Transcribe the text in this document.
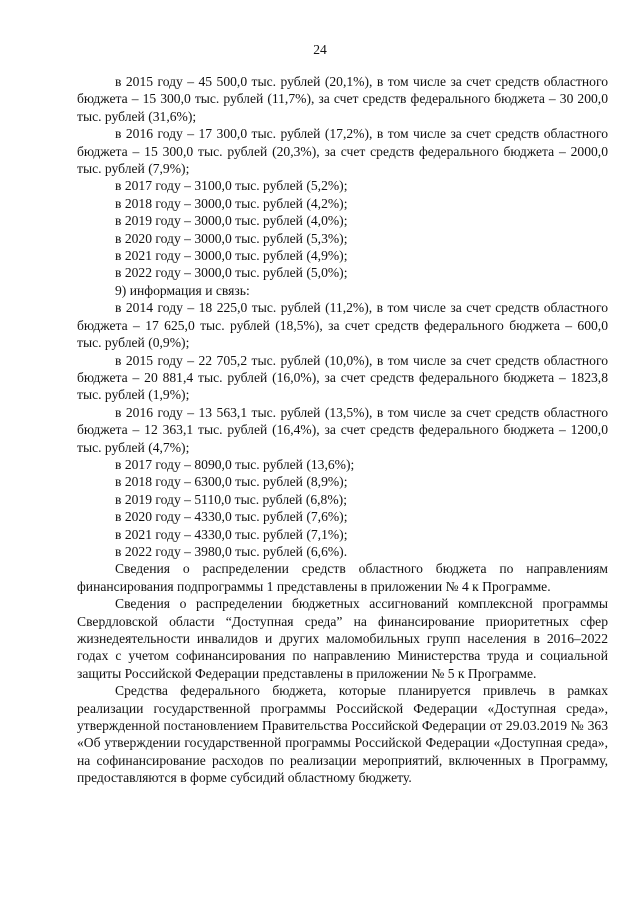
24

в 2015 году – 45 500,0 тыс. рублей (20,1%), в том числе за счет средств областного бюджета – 15 300,0 тыс. рублей (11,7%), за счет средств федерального бюджета – 30 200,0 тыс. рублей (31,6%);

в 2016 году – 17 300,0 тыс. рублей (17,2%), в том числе за счет средств областного бюджета – 15 300,0 тыс. рублей (20,3%), за счет средств федерального бюджета – 2000,0 тыс. рублей (7,9%);

в 2017 году – 3100,0 тыс. рублей (5,2%);

в 2018 году – 3000,0 тыс. рублей (4,2%);

в 2019 году – 3000,0 тыс. рублей (4,0%);

в 2020 году – 3000,0 тыс. рублей (5,3%);

в 2021 году – 3000,0 тыс. рублей (4,9%);

в 2022 году – 3000,0 тыс. рублей (5,0%);

9) информация и связь:

в 2014 году – 18 225,0 тыс. рублей (11,2%), в том числе за счет средств областного бюджета – 17 625,0 тыс. рублей (18,5%), за счет средств федерального бюджета – 600,0 тыс. рублей (0,9%);

в 2015 году – 22 705,2 тыс. рублей (10,0%), в том числе за счет средств областного бюджета – 20 881,4 тыс. рублей (16,0%), за счет средств федерального бюджета – 1823,8 тыс. рублей (1,9%);

в 2016 году – 13 563,1 тыс. рублей (13,5%), в том числе за счет средств областного бюджета – 12 363,1 тыс. рублей (16,4%), за счет средств федерального бюджета – 1200,0 тыс. рублей (4,7%);

в 2017 году – 8090,0 тыс. рублей (13,6%);

в 2018 году – 6300,0 тыс. рублей (8,9%);

в 2019 году – 5110,0 тыс. рублей (6,8%);

в 2020 году – 4330,0 тыс. рублей (7,6%);

в 2021 году – 4330,0 тыс. рублей (7,1%);

в 2022 году – 3980,0 тыс. рублей (6,6%).

Сведения о распределении средств областного бюджета по направлениям финансирования подпрограммы 1 представлены в приложении № 4 к Программе.

Сведения о распределении бюджетных ассигнований комплексной программы Свердловской области “Доступная среда” на финансирование приоритетных сфер жизнедеятельности инвалидов и других маломобильных групп населения в 2016–2022 годах с учетом софинансирования по направлению Министерства труда и социальной защиты Российской Федерации представлены в приложении № 5 к Программе.

Средства федерального бюджета, которые планируется привлечь в рамках реализации государственной программы Российской Федерации «Доступная среда», утвержденной постановлением Правительства Российской Федерации от 29.03.2019 № 363 «Об утверждении государственной программы Российской Федерации «Доступная среда», на софинансирование расходов по реализации мероприятий, включенных в Программу, предоставляются в форме субсидий областному бюджету.
